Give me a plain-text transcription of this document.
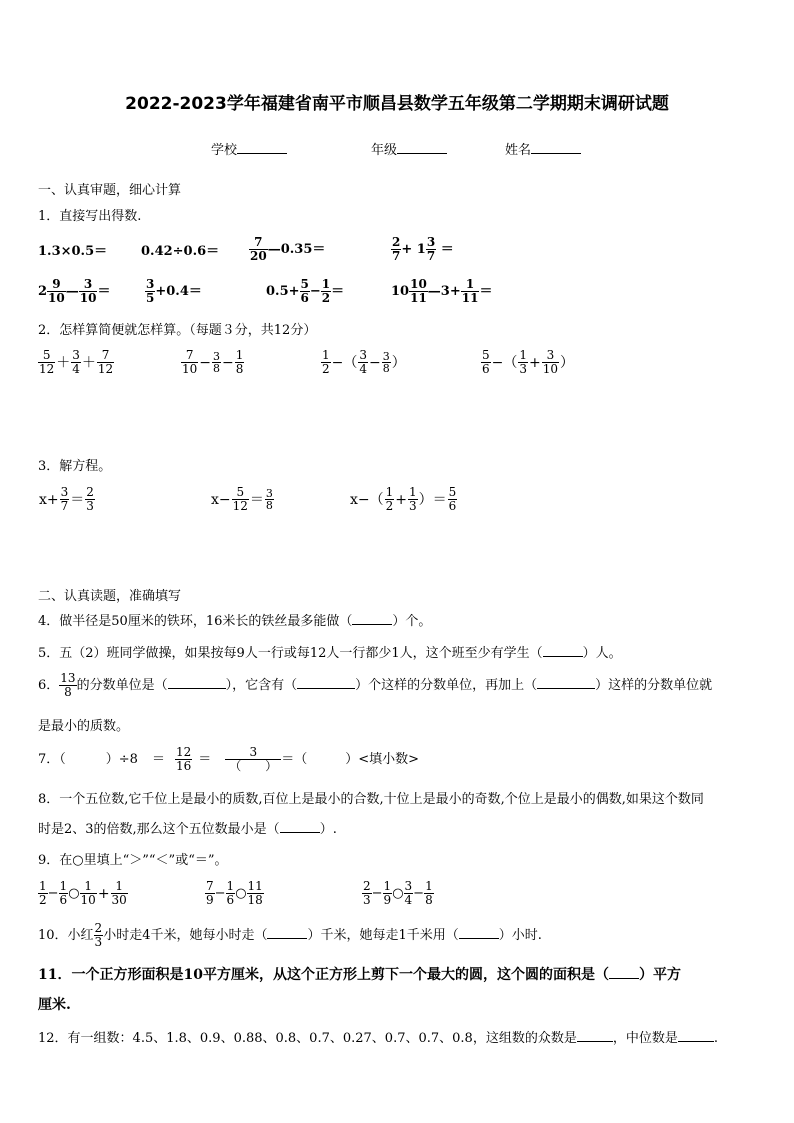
2022-2023学年福建省南平市顺昌县数学五年级第二学期期末调研试题
学校	年级	姓名
一、认真审题，细心计算
1．直接写出得数.
1.3×0.5＝	$0.42\div 0.6= \frac{7}{20}$ —0.35＝	$\frac{2}{7} + 1 \frac{3}{7}$ ＝
$2 \frac{9}{10}$ — $\frac{3}{10}$ ＝	$\frac{3}{5} +0.4=$	$0.5+ \frac{5}{6} - \frac{1}{2}$ ＝	$10 \frac{10}{11}$ —3+ $\frac{1}{11}$ ＝
2．怎样算简便就怎样算。（每题３分，共12分）
$\frac{5}{12} + \frac{3}{4} + \frac{7}{12}$	$\frac{7}{10} - \frac{3}{8} - \frac{1}{8}$	$\frac{1}{2}$ −（ $\frac{3}{4} - \frac{3}{8}$ ）	$\frac{5}{6}$ −（ $\frac{1}{3} + \frac{3}{10}$ ）
3．解方程。
$x+ \frac{3}{7} = \frac{2}{3}$	$x- \frac{5}{12} = \frac{3}{8}$	$x-( \frac{1}{2} + \frac{1}{3}$ ）＝ $\frac{5}{6}$
二、认真读题，准确填写
4．做半径是50厘米的铁环，16米长的铁丝最多能做（	）个。
5．五（2）班同学做操，如果按每9人一行或每12人一行都少1人，这个班至少有学生（	）人。
6． $\frac{13}{8}$ 的分数单位是（	），它含有（	）个这样的分数单位，再加上（	）这样的分数单位就
是最小的质数。
7．（	）$\div 8 = \frac{12}{16} = \frac{3}{( )}$ ＝（	）<填小数>
8．一个五位数,它千位上是最小的质数,百位上是最小的合数,十位上是最小的奇数,个位上是最小的偶数,如果这个数同
时是2、3的倍数,那么这个五位数最小是（	）.
9．在○里填上“＞”“＜”或“＝”。
$\frac{1}{2} - \frac{1}{6}$ ○ $\frac{1}{10} + \frac{1}{30}$	$\frac{7}{9} - \frac{1}{6}$ ○ $\frac{11}{18}$	$\frac{2}{3} - \frac{1}{9}$ ○ $\frac{3}{4} - \frac{1}{8}$
10．小红 $\frac{2}{3}$ 小时走4千米，她每小时走（	）千米，她每走1千米用（	）小时.
11．一个正方形面积是10平方厘米，从这个正方形上剪下一个最大的圆，这个圆的面积是（ ）平方
厘米.
12．有一组数：4.5、1.8、0.9、0.88、0.8、0.7、0.27、0.7、0.7、0.8，这组数的众数是	，中位数是	.
